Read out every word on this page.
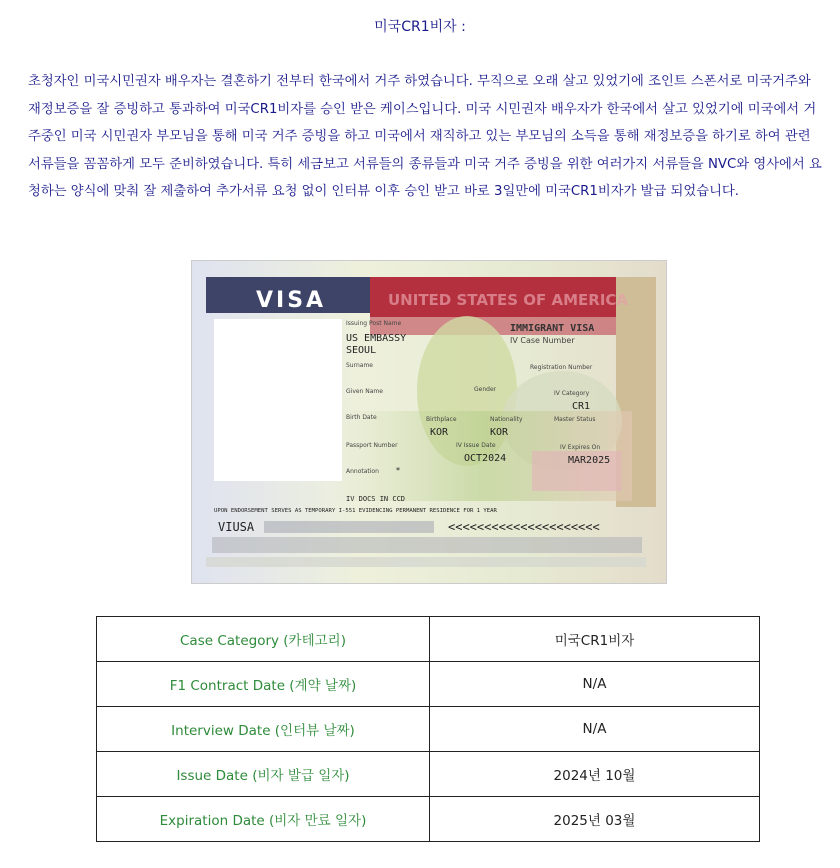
미국CR1비자 :

초청자인 미국시민권자 배우자는 결혼하기 전부터 한국에서 거주 하였습니다. 무직으로 오래 살고 있었기에 조인트 스폰서로 미국거주와 재정보증을 잘 증빙하고 통과하여 미국CR1비자를 승인 받은 케이스입니다. 미국 시민권자 배우자가 한국에서 살고 있었기에 미국에서 거주중인 미국 시민권자 부모님을 통해 미국 거주 증빙을 하고 미국에서 재직하고 있는 부모님의 소득을 통해 재정보증을 하기로 하여 관련 서류들을 꼼꼼하게 모두 준비하였습니다. 특히 세금보고 서류들의 종류들과 미국 거주 증빙을 위한 여러가지 서류들을 NVC와 영사에서 요청하는 양식에 맞춰 잘 제출하여 추가서류 요청 없이 인터뷰 이후 승인 받고 바로 3일만에 미국CR1비자가 발급 되었습니다.

VISA	UNITED STATES OF AMERICA
Issuing Post Name
US EMBASSY
SEOUL
IMMIGRANT VISA
IV Case Number
Surname	Registration Number
Given Name	Gender
IV Category
CR1
Birth Date	Birthplace	Nationality	Master Status
KOR	KOR
Passport Number	IV Issue Date	IV Expires On
OCT2024	MAR2025
Annotation *
IV DOCS IN CCD
UPON ENDORSEMENT SERVES AS TEMPORARY I-551 EVIDENCING PERMANENT RESIDENCE FOR 1 YEAR
VIUSA	<<<<<<<<<<<<<<<<<<<<<
Case Category (카테고리)	미국CR1비자
F1 Contract Date (계약 날짜)	N/A
Interview Date (인터뷰 날짜)	N/A
Issue Date (비자 발급 일자)	2024년 10월
Expiration Date (비자 만료 일자)	2025년 03월
